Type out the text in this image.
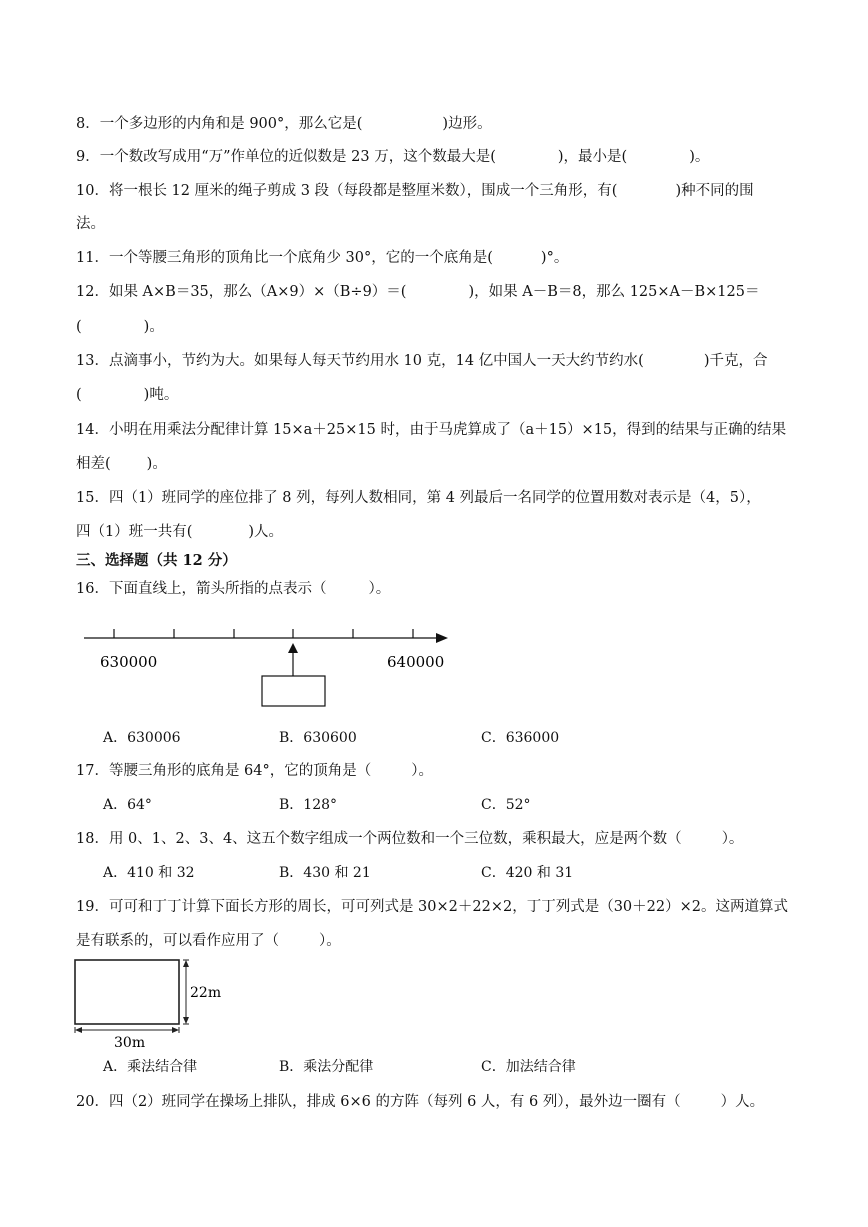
8．一个多边形的内角和是 900°，那么它是(	)边形。
9．一个数改写成用“万”作单位的近似数是 23 万，这个数最大是(	)，最小是(	)。
10．将一根长 12 厘米的绳子剪成 3 段（每段都是整厘米数），围成一个三角形，有(	)种不同的围
法。
11．一个等腰三角形的顶角比一个底角少 30°，它的一个底角是(	)°。
12．如果 A×B＝35，那么（A×9）×（B÷9）＝(	)，如果 A－B＝8，那么 125×A－B×125＝
(	)。
13．点滴事小，节约为大。如果每人每天节约用水 10 克，14 亿中国人一天大约节约水(	)千克，合
(	)吨。
14．小明在用乘法分配律计算 15×a＋25×15 时，由于马虎算成了（a＋15）×15，得到的结果与正确的结果
相差( )。
15．四（1）班同学的座位排了 8 列，每列人数相同，第 4 列最后一名同学的位置用数对表示是（4，5），
四（1）班一共有(	)人。
三、选择题（共 12 分）
16．下面直线上，箭头所指的点表示（	）。
630000	640000
A．630006	B．630600	C．636000
17．等腰三角形的底角是 64°，它的顶角是（	）。
A．64°	B．128°	C．52°
18．用 0、1、2、3、4、这五个数字组成一个两位数和一个三位数，乘积最大，应是两个数（	）。
A．410 和 32	B．430 和 21	C．420 和 31
19．可可和丁丁计算下面长方形的周长，可可列式是 30×2＋22×2，丁丁列式是（30＋22）×2。这两道算式
是有联系的，可以看作应用了（	）。
22m
30m
A．乘法结合律	B．乘法分配律	C．加法结合律
20．四（2）班同学在操场上排队，排成 6×6 的方阵（每列 6 人，有 6 列），最外边一圈有（	）人。
